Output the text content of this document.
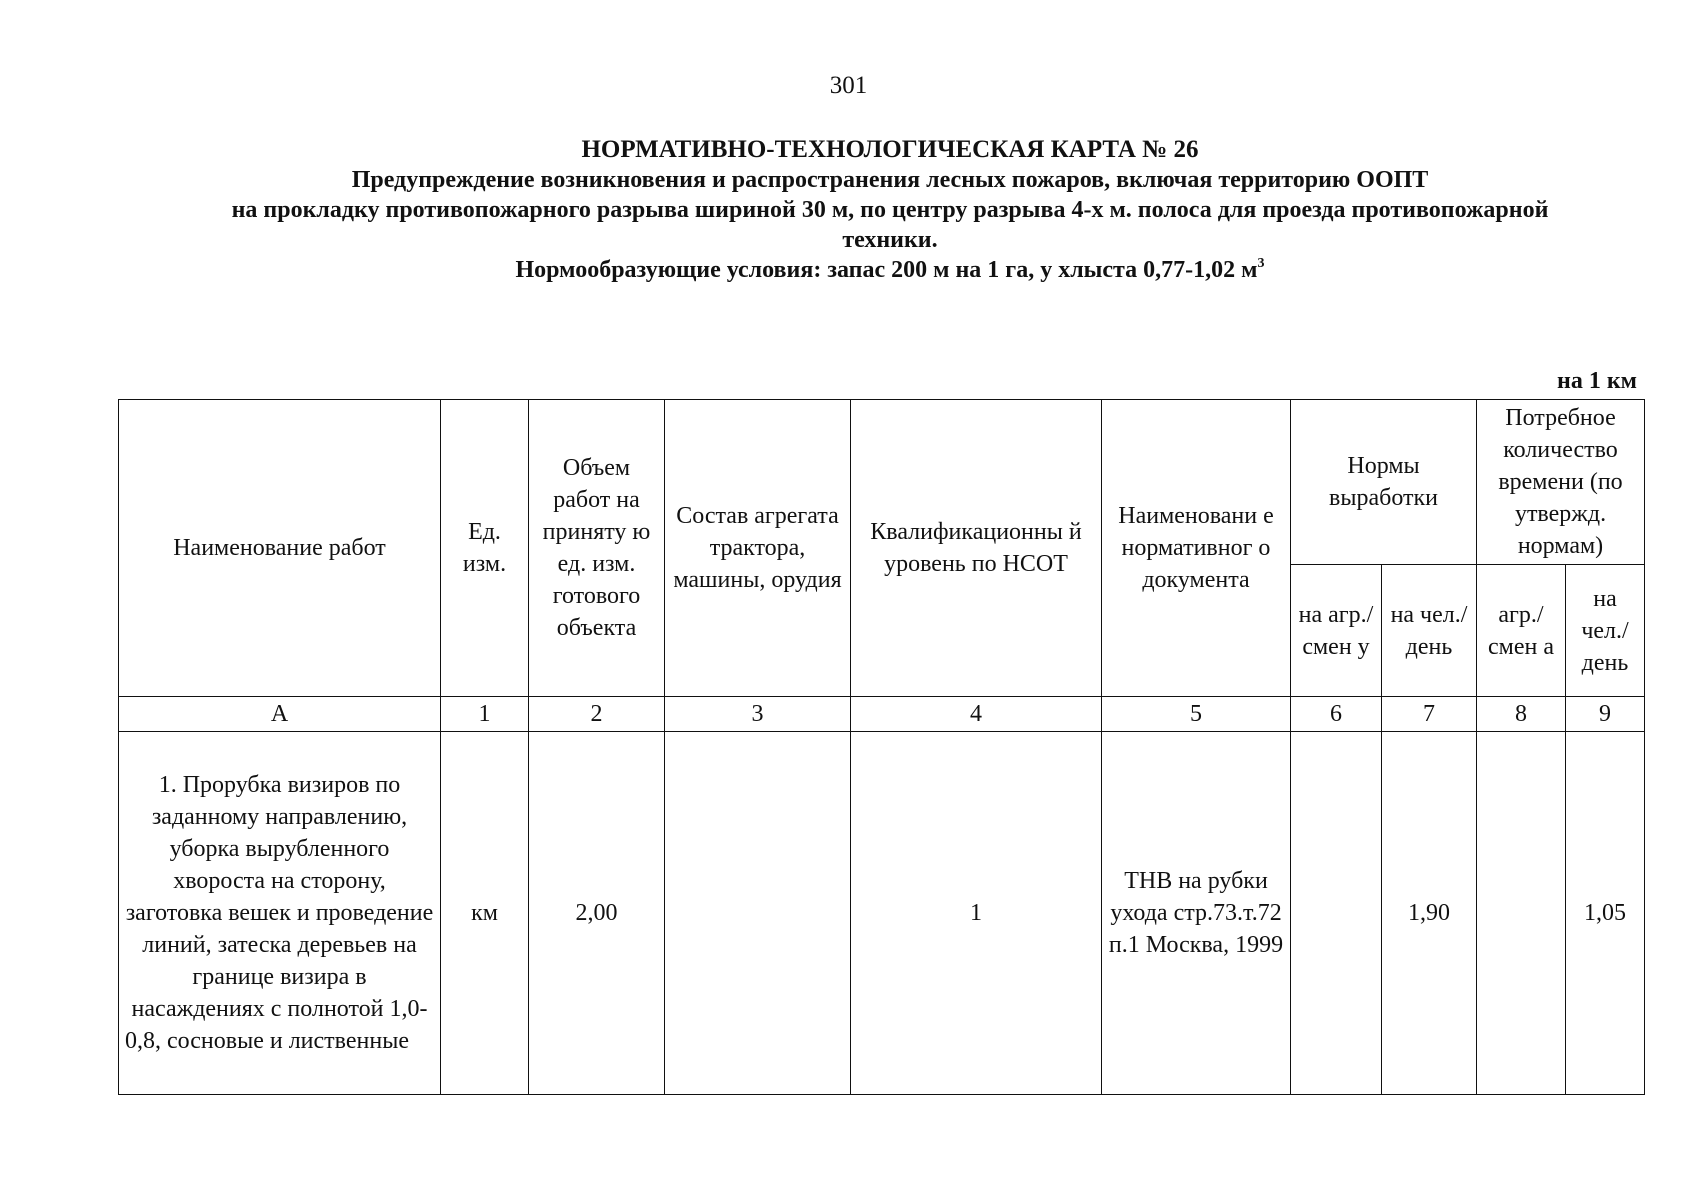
301
НОРМАТИВНО-ТЕХНОЛОГИЧЕСКАЯ КАРТА № 26
Предупреждение возникновения и распространения лесных пожаров, включая территорию ООПТ
на прокладку противопожарного разрыва шириной 30 м, по центру разрыва 4-х м. полоса для проезда противопожарной
техники.
Нормообразующие условия: запас 200 м на 1 га, у хлыста 0,77-1,02 $м^3$
на 1 км
Наименование работ	Ед. изм.	Объем работ на приняту ю ед. изм. готового объекта	Состав агрегата трактора, машины, орудия	Квалификационны й уровень по НСОТ	Наименовани е нормативног о документа	Нормы выработки		Потребное количество времени (по утвержд. нормам)	
						на агр./ смен у	на чел./ день	агр./ смен а	на чел./ день
А	1	2	3	4	5	6	7	8	9
1. Прорубка визиров по заданному направлению, уборка вырубленного хвороста на сторону, заготовка вешек и проведение линий, затеска деревьев на границе визира в насаждениях с полнотой 1,0-0,8, сосновые и лиственные	км	2,00		1	ТНВ на рубки ухода стр.73.т.72 п.1 Москва, 1999		1,90		1,05
